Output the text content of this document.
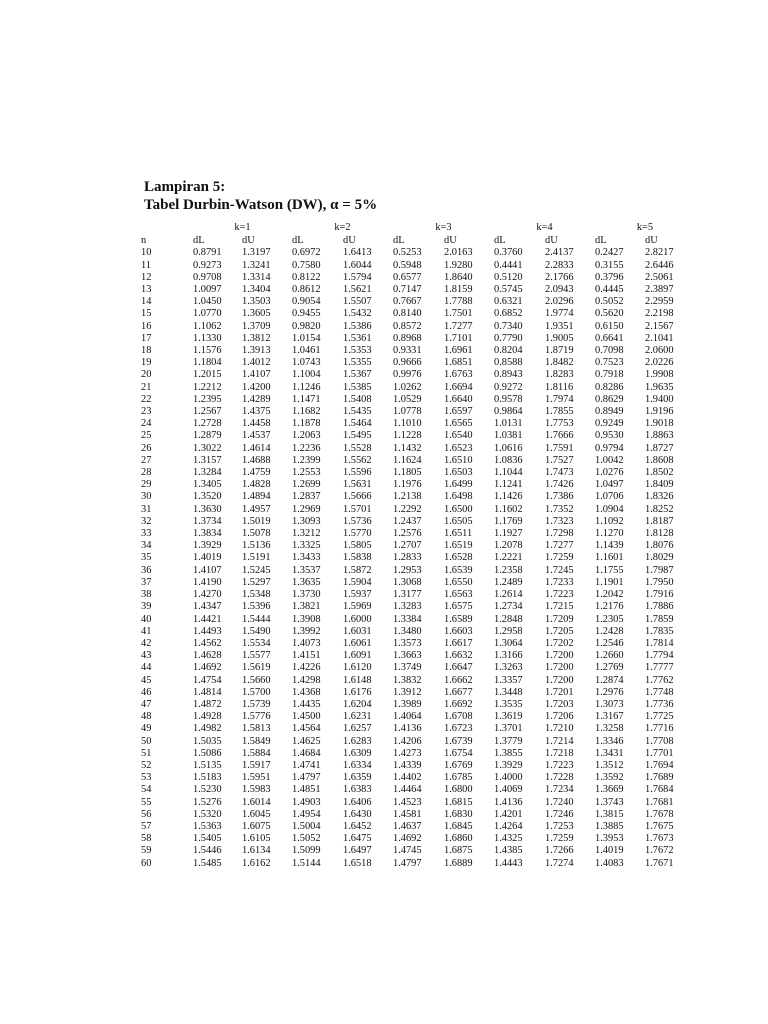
Lampiran 5:
Tabel Durbin-Watson (DW), α = 5%
	k=1		k=2		k=3		k=4		k=5	
n	dL	dU	dL	dU	dL	dU	dL	dU	dL	dU
10	0.8791	1.3197	0.6972	1.6413	0.5253	2.0163	0.3760	2.4137	0.2427	2.8217
11	0.9273	1.3241	0.7580	1.6044	0.5948	1.9280	0.4441	2.2833	0.3155	2.6446
12	0.9708	1.3314	0.8122	1.5794	0.6577	1.8640	0.5120	2.1766	0.3796	2.5061
13	1.0097	1.3404	0.8612	1.5621	0.7147	1.8159	0.5745	2.0943	0.4445	2.3897
14	1.0450	1.3503	0.9054	1.5507	0.7667	1.7788	0.6321	2.0296	0.5052	2.2959
15	1.0770	1.3605	0.9455	1.5432	0.8140	1.7501	0.6852	1.9774	0.5620	2.2198
16	1.1062	1.3709	0.9820	1.5386	0.8572	1.7277	0.7340	1.9351	0.6150	2.1567
17	1.1330	1.3812	1.0154	1.5361	0.8968	1.7101	0.7790	1.9005	0.6641	2.1041
18	1.1576	1.3913	1.0461	1.5353	0.9331	1.6961	0.8204	1.8719	0.7098	2.0600
19	1.1804	1.4012	1.0743	1.5355	0.9666	1.6851	0.8588	1.8482	0.7523	2.0226
20	1.2015	1.4107	1.1004	1.5367	0.9976	1.6763	0.8943	1.8283	0.7918	1.9908
21	1.2212	1.4200	1.1246	1.5385	1.0262	1.6694	0.9272	1.8116	0.8286	1.9635
22	1.2395	1.4289	1.1471	1.5408	1.0529	1.6640	0.9578	1.7974	0.8629	1.9400
23	1.2567	1.4375	1.1682	1.5435	1.0778	1.6597	0.9864	1.7855	0.8949	1.9196
24	1.2728	1.4458	1.1878	1.5464	1.1010	1.6565	1.0131	1.7753	0.9249	1.9018
25	1.2879	1.4537	1.2063	1.5495	1.1228	1.6540	1.0381	1.7666	0.9530	1.8863
26	1.3022	1.4614	1.2236	1.5528	1.1432	1.6523	1.0616	1.7591	0.9794	1.8727
27	1.3157	1.4688	1.2399	1.5562	1.1624	1.6510	1.0836	1.7527	1.0042	1.8608
28	1.3284	1.4759	1.2553	1.5596	1.1805	1.6503	1.1044	1.7473	1.0276	1.8502
29	1.3405	1.4828	1.2699	1.5631	1.1976	1.6499	1.1241	1.7426	1.0497	1.8409
30	1.3520	1.4894	1.2837	1.5666	1.2138	1.6498	1.1426	1.7386	1.0706	1.8326
31	1.3630	1.4957	1.2969	1.5701	1.2292	1.6500	1.1602	1.7352	1.0904	1.8252
32	1.3734	1.5019	1.3093	1.5736	1.2437	1.6505	1.1769	1.7323	1.1092	1.8187
33	1.3834	1.5078	1.3212	1.5770	1.2576	1.6511	1.1927	1.7298	1.1270	1.8128
34	1.3929	1.5136	1.3325	1.5805	1.2707	1.6519	1.2078	1.7277	1.1439	1.8076
35	1.4019	1.5191	1.3433	1.5838	1.2833	1.6528	1.2221	1.7259	1.1601	1.8029
36	1.4107	1.5245	1.3537	1.5872	1.2953	1.6539	1.2358	1.7245	1.1755	1.7987
37	1.4190	1.5297	1.3635	1.5904	1.3068	1.6550	1.2489	1.7233	1.1901	1.7950
38	1.4270	1.5348	1.3730	1.5937	1.3177	1.6563	1.2614	1.7223	1.2042	1.7916
39	1.4347	1.5396	1.3821	1.5969	1.3283	1.6575	1.2734	1.7215	1.2176	1.7886
40	1.4421	1.5444	1.3908	1.6000	1.3384	1.6589	1.2848	1.7209	1.2305	1.7859
41	1.4493	1.5490	1.3992	1.6031	1.3480	1.6603	1.2958	1.7205	1.2428	1.7835
42	1.4562	1.5534	1.4073	1.6061	1.3573	1.6617	1.3064	1.7202	1.2546	1.7814
43	1.4628	1.5577	1.4151	1.6091	1.3663	1.6632	1.3166	1.7200	1.2660	1.7794
44	1.4692	1.5619	1.4226	1.6120	1.3749	1.6647	1.3263	1.7200	1.2769	1.7777
45	1.4754	1.5660	1.4298	1.6148	1.3832	1.6662	1.3357	1.7200	1.2874	1.7762
46	1.4814	1.5700	1.4368	1.6176	1.3912	1.6677	1.3448	1.7201	1.2976	1.7748
47	1.4872	1.5739	1.4435	1.6204	1.3989	1.6692	1.3535	1.7203	1.3073	1.7736
48	1.4928	1.5776	1.4500	1.6231	1.4064	1.6708	1.3619	1.7206	1.3167	1.7725
49	1.4982	1.5813	1.4564	1.6257	1.4136	1.6723	1.3701	1.7210	1.3258	1.7716
50	1.5035	1.5849	1.4625	1.6283	1.4206	1.6739	1.3779	1.7214	1.3346	1.7708
51	1.5086	1.5884	1.4684	1.6309	1.4273	1.6754	1.3855	1.7218	1.3431	1.7701
52	1.5135	1.5917	1.4741	1.6334	1.4339	1.6769	1.3929	1.7223	1.3512	1.7694
53	1.5183	1.5951	1.4797	1.6359	1.4402	1.6785	1.4000	1.7228	1.3592	1.7689
54	1.5230	1.5983	1.4851	1.6383	1.4464	1.6800	1.4069	1.7234	1.3669	1.7684
55	1.5276	1.6014	1.4903	1.6406	1.4523	1.6815	1.4136	1.7240	1.3743	1.7681
56	1.5320	1.6045	1.4954	1.6430	1.4581	1.6830	1.4201	1.7246	1.3815	1.7678
57	1.5363	1.6075	1.5004	1.6452	1.4637	1.6845	1.4264	1.7253	1.3885	1.7675
58	1.5405	1.6105	1.5052	1.6475	1.4692	1.6860	1.4325	1.7259	1.3953	1.7673
59	1.5446	1.6134	1.5099	1.6497	1.4745	1.6875	1.4385	1.7266	1.4019	1.7672
60	1.5485	1.6162	1.5144	1.6518	1.4797	1.6889	1.4443	1.7274	1.4083	1.7671
